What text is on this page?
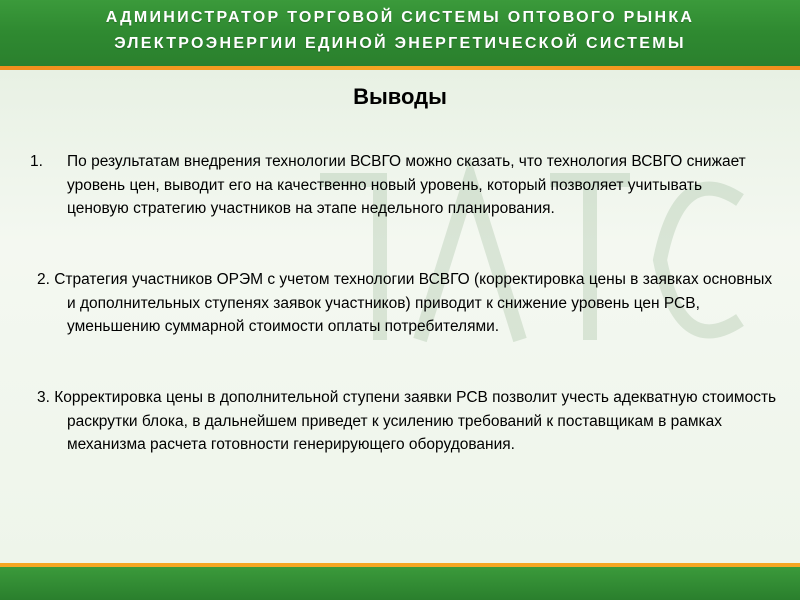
АДМИНИСТРАТОР ТОРГОВОЙ СИСТЕМЫ ОПТОВОГО РЫНКА
ЭЛЕКТРОЭНЕРГИИ ЕДИНОЙ ЭНЕРГЕТИЧЕСКОЙ СИСТЕМЫ
Выводы
1. По результатам внедрения технологии ВСВГО можно сказать, что технология ВСВГО снижает уровень цен, выводит его на качественно новый уровень, который позволяет учитывать ценовую стратегию участников на этапе недельного планирования.
2. Стратегия участников ОРЭМ с учетом технологии ВСВГО (корректировка цены в заявках основных и дополнительных ступенях заявок участников) приводит к снижение уровень цен РСВ, уменьшению суммарной стоимости оплаты потребителями.
3. Корректировка цены в дополнительной ступени заявки РСВ позволит учесть адекватную стоимость раскрутки блока, в дальнейшем приведет к усилению требований к поставщикам в рамках механизма расчета готовности генерирующего оборудования.
